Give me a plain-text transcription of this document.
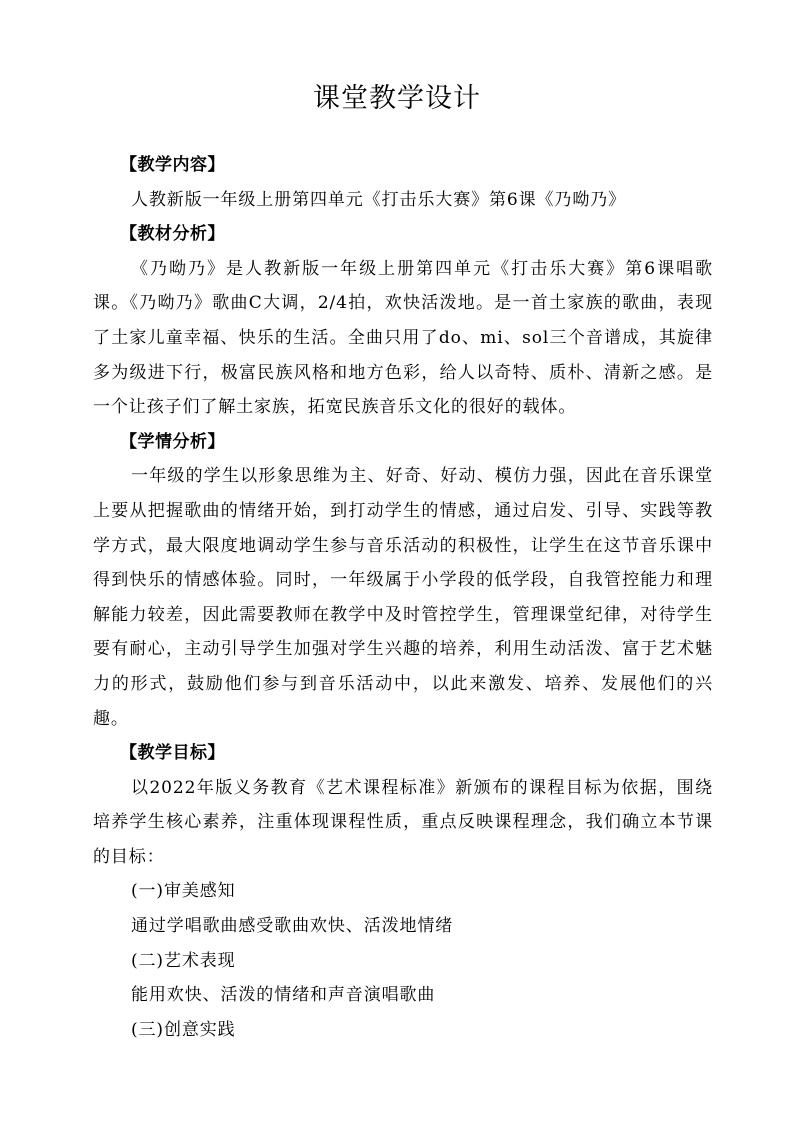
课堂教学设计

【教学内容】

人教新版一年级上册第四单元《打击乐大赛》第6课《乃呦乃》

【教材分析】

《乃呦乃》是人教新版一年级上册第四单元《打击乐大赛》第6课唱歌课。《乃呦乃》歌曲C大调，2/4拍，欢快活泼地。是一首土家族的歌曲，表现了土家儿童幸福、快乐的生活。全曲只用了do、mi、sol三个音谱成，其旋律多为级进下行，极富民族风格和地方色彩，给人以奇特、质朴、清新之感。是一个让孩子们了解土家族，拓宽民族音乐文化的很好的载体。

【学情分析】

一年级的学生以形象思维为主、好奇、好动、模仿力强，因此在音乐课堂上要从把握歌曲的情绪开始，到打动学生的情感，通过启发、引导、实践等教学方式，最大限度地调动学生参与音乐活动的积极性，让学生在这节音乐课中得到快乐的情感体验。同时，一年级属于小学段的低学段，自我管控能力和理解能力较差，因此需要教师在教学中及时管控学生，管理课堂纪律，对待学生要有耐心，主动引导学生加强对学生兴趣的培养，利用生动活泼、富于艺术魅力的形式，鼓励他们参与到音乐活动中，以此来激发、培养、发展他们的兴趣。

【教学目标】

以2022年版义务教育《艺术课程标准》新颁布的课程目标为依据，围绕培养学生核心素养，注重体现课程性质，重点反映课程理念，我们确立本节课的目标：

(一)审美感知

通过学唱歌曲感受歌曲欢快、活泼地情绪

(二)艺术表现

能用欢快、活泼的情绪和声音演唱歌曲

(三)创意实践
